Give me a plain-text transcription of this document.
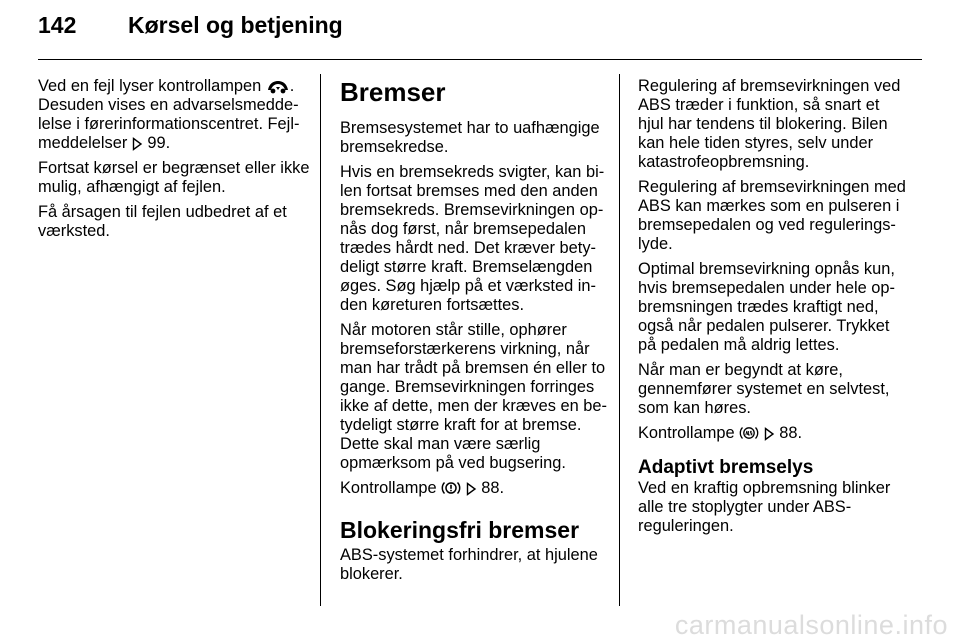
142	Kørsel og betjening

Ved en fejl lyser kontrollampen
. Desuden vises en advarselsmeddelelse i førerinformationscentret. Fejlmeddelelser
99.

Fortsat kørsel er begrænset eller ikke mulig, afhængigt af fejlen.

Få årsagen til fejlen udbedret af et værksted.

Bremser

Bremsesystemet har to uafhængige bremsekredse.

Hvis en bremsekreds svigter, kan bilen fortsat bremses med den anden bremsekreds. Bremsevirkningen opnås dog først, når bremsepedalen trædes hårdt ned. Det kræver betydeligt større kraft. Bremselængden øges. Søg hjælp på et værksted inden køreturen fortsættes.

Når motoren står stille, ophører bremseforstærkerens virkning, når man har trådt på bremsen én eller to gange. Bremsevirkningen forringes ikke af dette, men der kræves en betydeligt større kraft for at bremse. Dette skal man være særlig opmærksom på ved bugsering.

Kontrollampe

88.

Blokeringsfri bremser

ABS-systemet forhindrer, at hjulene blokerer.

Regulering af bremsevirkningen ved ABS træder i funktion, så snart et hjul har tendens til blokering. Bilen kan hele tiden styres, selv under katastrofeopbremsning.

Regulering af bremsevirkningen med ABS kan mærkes som en pulseren i bremsepedalen og ved reguleringslyde.

Optimal bremsevirkning opnås kun, hvis bremsepedalen under hele opbremsningen trædes kraftigt ned, også når pedalen pulserer. Trykket på pedalen må aldrig lettes.

Når man er begyndt at køre, gennemfører systemet en selvtest, som kan høres.

Kontrollampe

88.

Adaptivt bremselys

Ved en kraftig opbremsning blinker alle tre stoplygter under ABS-reguleringen.

carmanualsonline.info
